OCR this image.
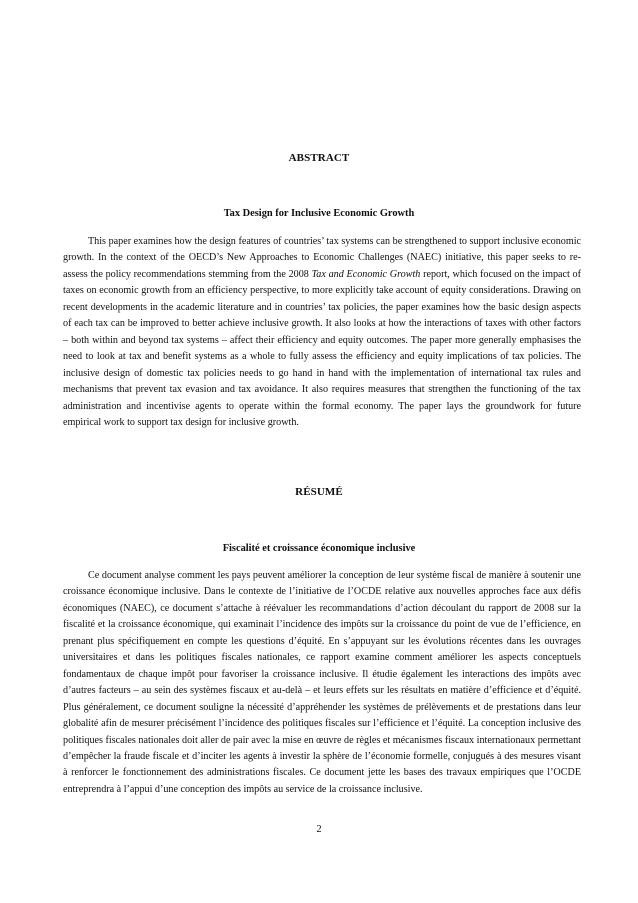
ABSTRACT
Tax Design for Inclusive Economic Growth

This paper examines how the design features of countries’ tax systems can be strengthened to support inclusive economic growth. In the context of the OECD’s New Approaches to Economic Challenges (NAEC) initiative, this paper seeks to re-assess the policy recommendations stemming from the 2008 Tax and Economic Growth report, which focused on the impact of taxes on economic growth from an efficiency perspective, to more explicitly take account of equity considerations. Drawing on recent developments in the academic literature and in countries’ tax policies, the paper examines how the basic design aspects of each tax can be improved to better achieve inclusive growth. It also looks at how the interactions of taxes with other factors – both within and beyond tax systems – affect their efficiency and equity outcomes. The paper more generally emphasises the need to look at tax and benefit systems as a whole to fully assess the efficiency and equity implications of tax policies. The inclusive design of domestic tax policies needs to go hand in hand with the implementation of international tax rules and mechanisms that prevent tax evasion and tax avoidance. It also requires measures that strengthen the functioning of the tax administration and incentivise agents to operate within the formal economy. The paper lays the groundwork for future empirical work to support tax design for inclusive growth.

RÉSUMÉ
Fiscalité et croissance économique inclusive

Ce document analyse comment les pays peuvent améliorer la conception de leur système fiscal de manière à soutenir une croissance économique inclusive. Dans le contexte de l’initiative de l’OCDE relative aux nouvelles approches face aux défis économiques (NAEC), ce document s’attache à réévaluer les recommandations d’action découlant du rapport de 2008 sur la fiscalité et la croissance économique, qui examinait l’incidence des impôts sur la croissance du point de vue de l’efficience, en prenant plus spécifiquement en compte les questions d’équité. En s’appuyant sur les évolutions récentes dans les ouvrages universitaires et dans les politiques fiscales nationales, ce rapport examine comment améliorer les aspects conceptuels fondamentaux de chaque impôt pour favoriser la croissance inclusive. Il étudie également les interactions des impôts avec d’autres facteurs – au sein des systèmes fiscaux et au-delà – et leurs effets sur les résultats en matière d’efficience et d’équité. Plus généralement, ce document souligne la nécessité d’appréhender les systèmes de prélèvements et de prestations dans leur globalité afin de mesurer précisément l’incidence des politiques fiscales sur l’efficience et l’équité. La conception inclusive des politiques fiscales nationales doit aller de pair avec la mise en œuvre de règles et mécanismes fiscaux internationaux permettant d’empêcher la fraude fiscale et d’inciter les agents à investir la sphère de l’économie formelle, conjugués à des mesures visant à renforcer le fonctionnement des administrations fiscales. Ce document jette les bases des travaux empiriques que l’OCDE entreprendra à l’appui d’une conception des impôts au service de la croissance inclusive.

2
